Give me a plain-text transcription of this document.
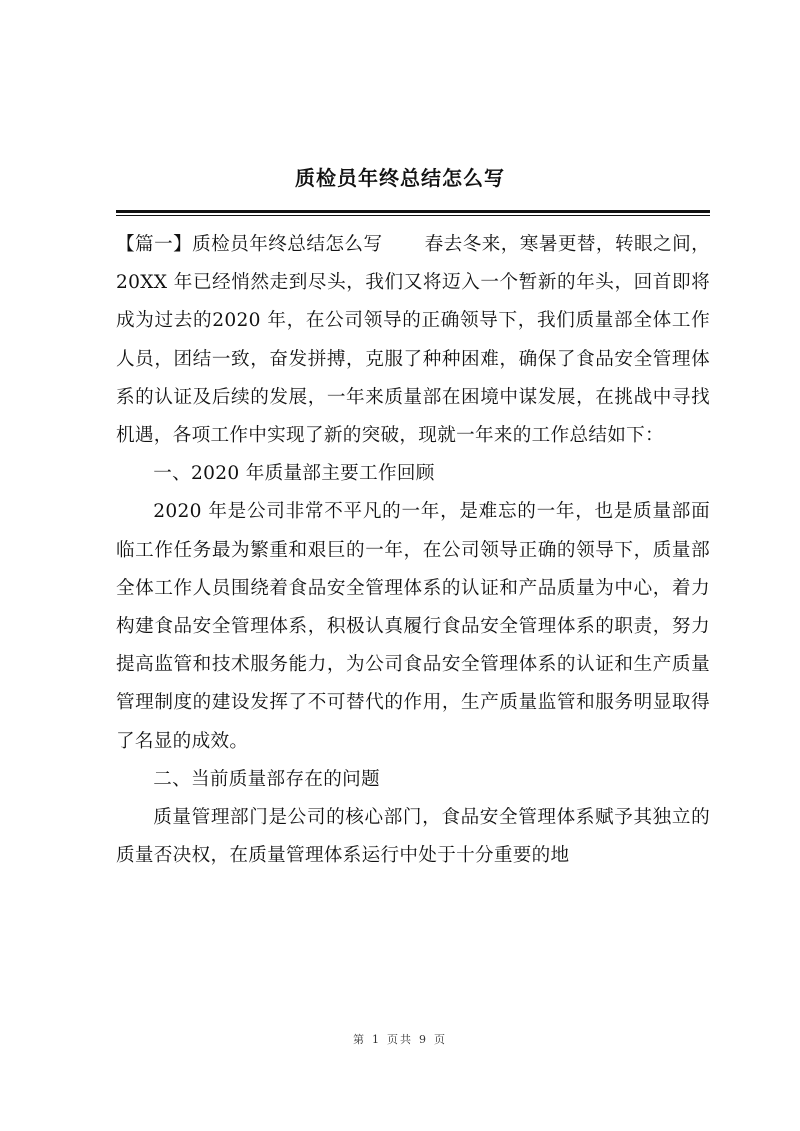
质检员年终总结怎么写

【篇一】质检员年终总结怎么写 春去冬来，寒暑更替，转眼之间，20XX 年已经悄然走到尽头，我们又将迈入一个暂新的年头，回首即将成为过去的2020 年，在公司领导的正确领导下，我们质量部全体工作人员，团结一致，奋发拼搏，克服了种种困难，确保了食品安全管理体系的认证及后续的发展，一年来质量部在困境中谋发展，在挑战中寻找机遇，各项工作中实现了新的突破，现就一年来的工作总结如下：

一、2020 年质量部主要工作回顾

2020 年是公司非常不平凡的一年，是难忘的一年，也是质量部面临工作任务最为繁重和艰巨的一年，在公司领导正确的领导下，质量部全体工作人员围绕着食品安全管理体系的认证和产品质量为中心，着力构建食品安全管理体系，积极认真履行食品安全管理体系的职责，努力提高监管和技术服务能力，为公司食品安全管理体系的认证和生产质量管理制度的建设发挥了不可替代的作用，生产质量监管和服务明显取得了名显的成效。

二、当前质量部存在的问题

质量管理部门是公司的核心部门，食品安全管理体系赋予其独立的质量否决权，在质量管理体系运行中处于十分重要的地

第 1 页共 9 页
